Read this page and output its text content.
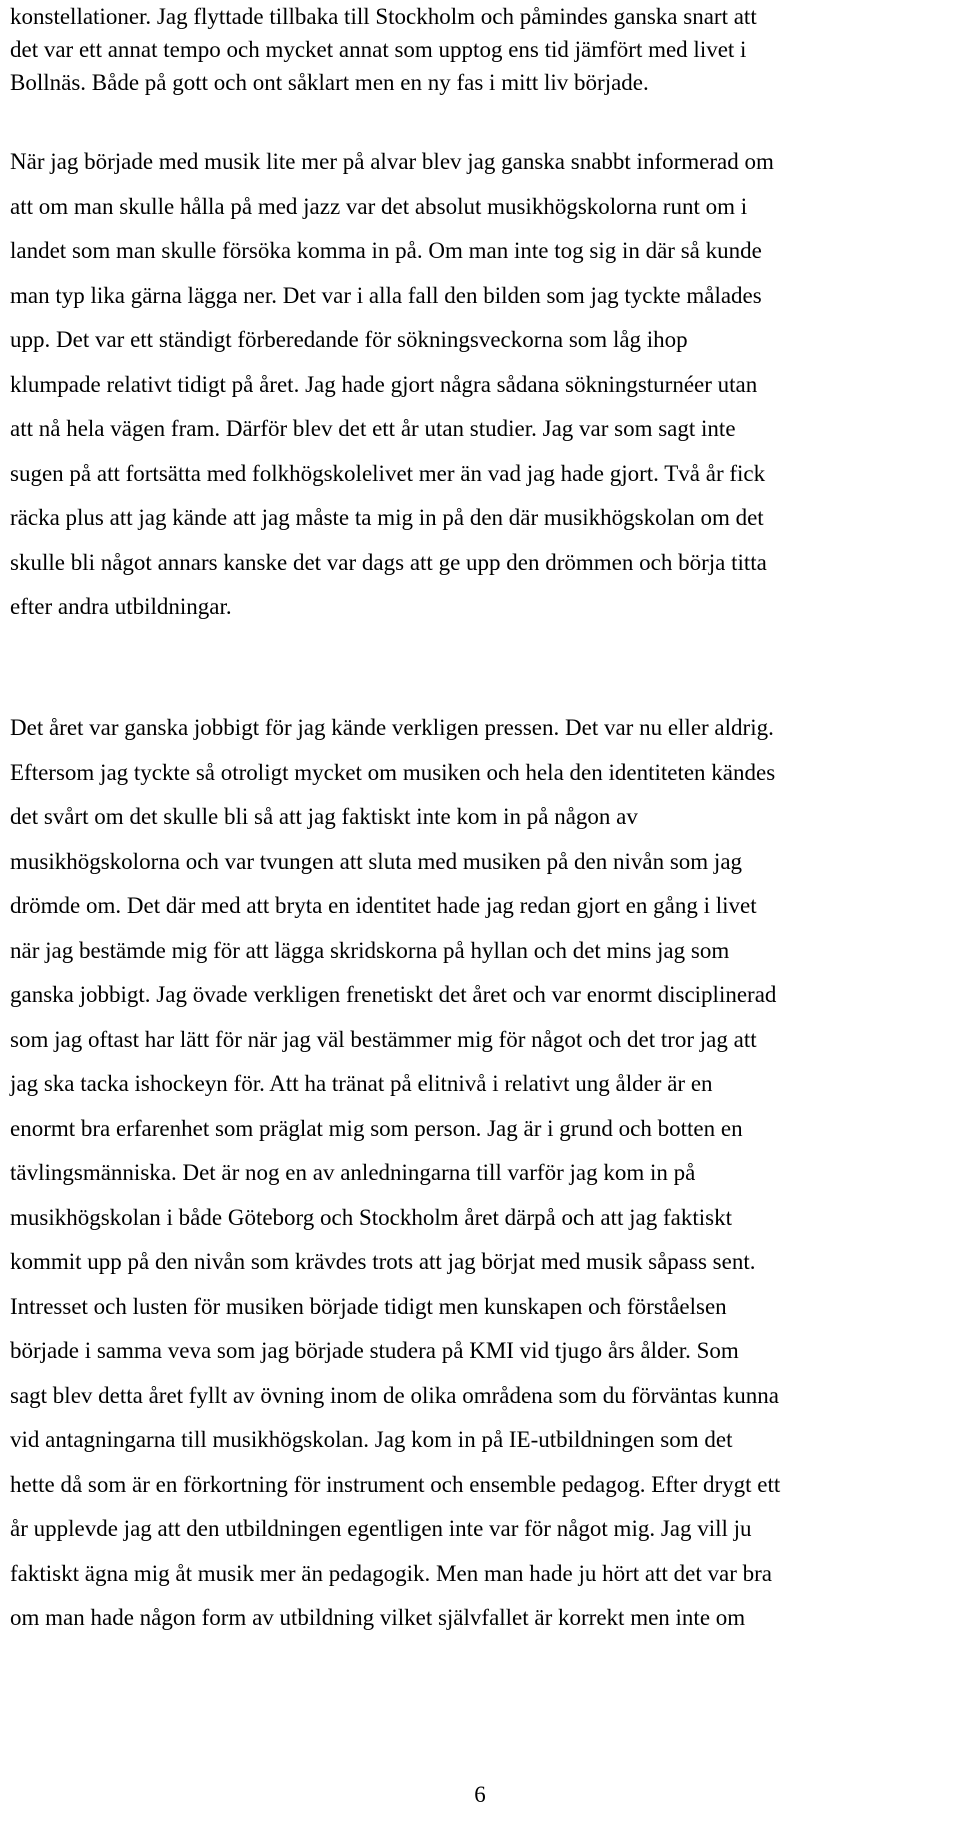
konstellationer. Jag flyttade tillbaka till Stockholm och påmindes ganska snart att
det var ett annat tempo och mycket annat som upptog ens tid jämfört med livet i
Bollnäs. Både på gott och ont såklart men en ny fas i mitt liv började.
När jag började med musik lite mer på alvar blev jag ganska snabbt informerad om
att om man skulle hålla på med jazz var det absolut musikhögskolorna runt om i
landet som man skulle försöka komma in på. Om man inte tog sig in där så kunde
man typ lika gärna lägga ner. Det var i alla fall den bilden som jag tyckte målades
upp. Det var ett ständigt förberedande för sökningsveckorna som låg ihop
klumpade relativt tidigt på året. Jag hade gjort några sådana sökningsturnéer utan
att nå hela vägen fram. Därför blev det ett år utan studier. Jag var som sagt inte
sugen på att fortsätta med folkhögskolelivet mer än vad jag hade gjort. Två år fick
räcka plus att jag kände att jag måste ta mig in på den där musikhögskolan om det
skulle bli något annars kanske det var dags att ge upp den drömmen och börja titta
efter andra utbildningar.
Det året var ganska jobbigt för jag kände verkligen pressen. Det var nu eller aldrig.
Eftersom jag tyckte så otroligt mycket om musiken och hela den identiteten kändes
det svårt om det skulle bli så att jag faktiskt inte kom in på någon av
musikhögskolorna och var tvungen att sluta med musiken på den nivån som jag
drömde om. Det där med att bryta en identitet hade jag redan gjort en gång i livet
när jag bestämde mig för att lägga skridskorna på hyllan och det mins jag som
ganska jobbigt. Jag övade verkligen frenetiskt det året och var enormt disciplinerad
som jag oftast har lätt för när jag väl bestämmer mig för något och det tror jag att
jag ska tacka ishockeyn för. Att ha tränat på elitnivå i relativt ung ålder är en
enormt bra erfarenhet som präglat mig som person. Jag är i grund och botten en
tävlingsmänniska. Det är nog en av anledningarna till varför jag kom in på
musikhögskolan i både Göteborg och Stockholm året därpå och att jag faktiskt
kommit upp på den nivån som krävdes trots att jag börjat med musik såpass sent.
Intresset och lusten för musiken började tidigt men kunskapen och förståelsen
började i samma veva som jag började studera på KMI vid tjugo års ålder. Som
sagt blev detta året fyllt av övning inom de olika områdena som du förväntas kunna
vid antagningarna till musikhögskolan. Jag kom in på IE-utbildningen som det
hette då som är en förkortning för instrument och ensemble pedagog. Efter drygt ett
år upplevde jag att den utbildningen egentligen inte var för något mig. Jag vill ju
faktiskt ägna mig åt musik mer än pedagogik. Men man hade ju hört att det var bra
om man hade någon form av utbildning vilket självfallet är korrekt men inte om
6
